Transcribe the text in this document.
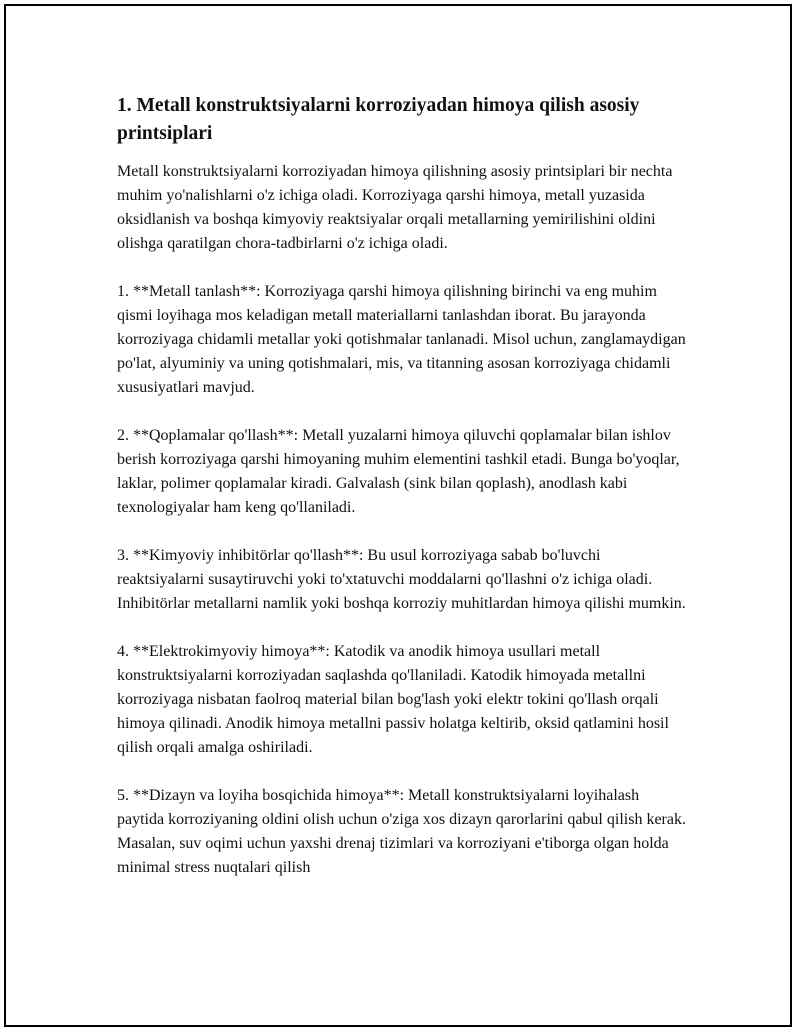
1. Metall konstruktsiyalarni korroziyadan himoya qilish asosiy printsiplari

Metall konstruktsiyalarni korroziyadan himoya qilishning asosiy printsiplari bir nechta muhim yo'nalishlarni o'z ichiga oladi. Korroziyaga qarshi himoya, metall yuzasida oksidlanish va boshqa kimyoviy reaktsiyalar orqali metallarning yemirilishini oldini olishga qaratilgan chora-tadbirlarni o'z ichiga oladi.

1. **Metall tanlash**: Korroziyaga qarshi himoya qilishning birinchi va eng muhim qismi loyihaga mos keladigan metall materiallarni tanlashdan iborat. Bu jarayonda korroziyaga chidamli metallar yoki qotishmalar tanlanadi. Misol uchun, zanglamaydigan po'lat, alyuminiy va uning qotishmalari, mis, va titanning asosan korroziyaga chidamli xususiyatlari mavjud.

2. **Qoplamalar qo'llash**: Metall yuzalarni himoya qiluvchi qoplamalar bilan ishlov berish korroziyaga qarshi himoyaning muhim elementini tashkil etadi. Bunga bo'yoqlar, laklar, polimer qoplamalar kiradi. Galvalash (sink bilan qoplash), anodlash kabi texnologiyalar ham keng qo'llaniladi.

3. **Kimyoviy inhibitörlar qo'llash**: Bu usul korroziyaga sabab bo'luvchi reaktsiyalarni susaytiruvchi yoki to'xtatuvchi moddalarni qo'llashni o'z ichiga oladi. Inhibitörlar metallarni namlik yoki boshqa korroziy muhitlardan himoya qilishi mumkin.

4. **Elektrokimyoviy himoya**: Katodik va anodik himoya usullari metall konstruktsiyalarni korroziyadan saqlashda qo'llaniladi. Katodik himoyada metallni korroziyaga nisbatan faolroq material bilan bog'lash yoki elektr tokini qo'llash orqali himoya qilinadi. Anodik himoya metallni passiv holatga keltirib, oksid qatlamini hosil qilish orqali amalga oshiriladi.

5. **Dizayn va loyiha bosqichida himoya**: Metall konstruktsiyalarni loyihalash paytida korroziyaning oldini olish uchun o'ziga xos dizayn qarorlarini qabul qilish kerak. Masalan, suv oqimi uchun yaxshi drenaj tizimlari va korroziyani e'tiborga olgan holda minimal stress nuqtalari qilish
